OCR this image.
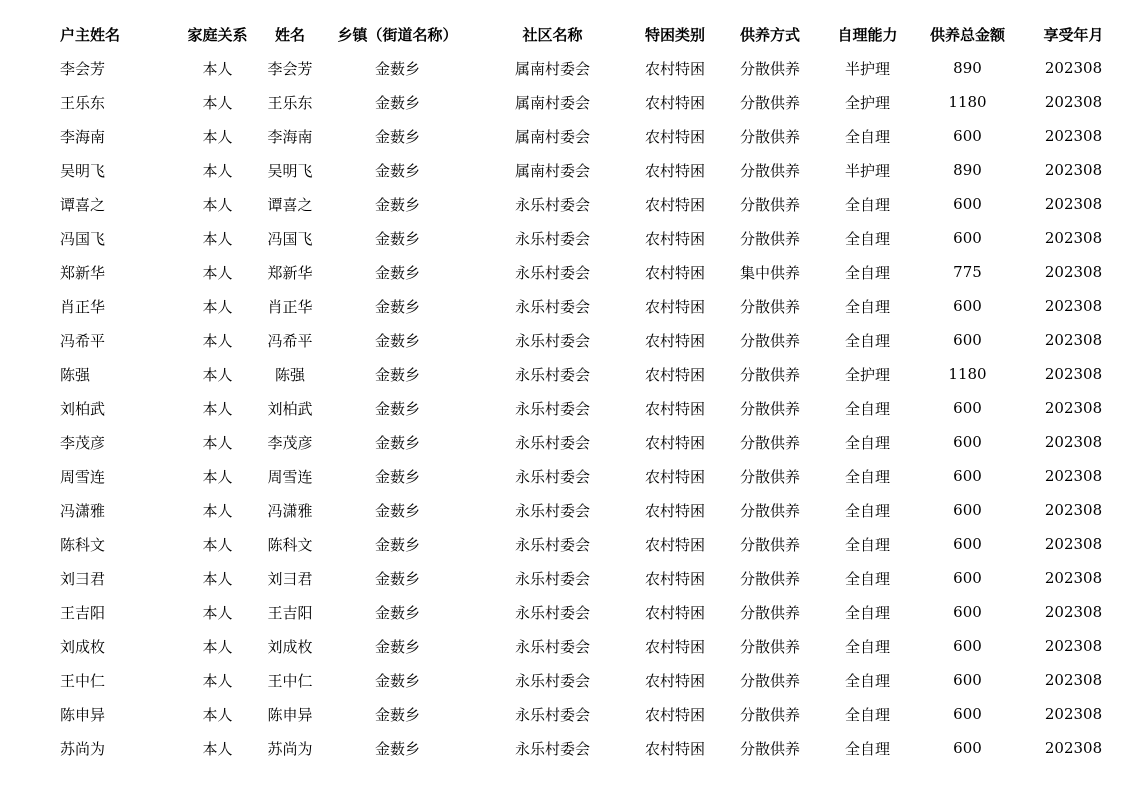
户主姓名	家庭关系	姓名	乡镇（街道名称）	社区名称	特困类别	供养方式	自理能力	供养总金额	享受年月
李会芳	本人	李会芳	金薮乡	属南村委会	农村特困	分散供养	半护理	890	202308
王乐东	本人	王乐东	金薮乡	属南村委会	农村特困	分散供养	全护理	1180	202308
李海南	本人	李海南	金薮乡	属南村委会	农村特困	分散供养	全自理	600	202308
吴明飞	本人	吴明飞	金薮乡	属南村委会	农村特困	分散供养	半护理	890	202308
谭喜之	本人	谭喜之	金薮乡	永乐村委会	农村特困	分散供养	全自理	600	202308
冯国飞	本人	冯国飞	金薮乡	永乐村委会	农村特困	分散供养	全自理	600	202308
郑新华	本人	郑新华	金薮乡	永乐村委会	农村特困	集中供养	全自理	775	202308
肖正华	本人	肖正华	金薮乡	永乐村委会	农村特困	分散供养	全自理	600	202308
冯希平	本人	冯希平	金薮乡	永乐村委会	农村特困	分散供养	全自理	600	202308
陈强	本人	陈强	金薮乡	永乐村委会	农村特困	分散供养	全护理	1180	202308
刘柏武	本人	刘柏武	金薮乡	永乐村委会	农村特困	分散供养	全自理	600	202308
李茂彦	本人	李茂彦	金薮乡	永乐村委会	农村特困	分散供养	全自理	600	202308
周雪连	本人	周雪连	金薮乡	永乐村委会	农村特困	分散供养	全自理	600	202308
冯潇雅	本人	冯潇雅	金薮乡	永乐村委会	农村特困	分散供养	全自理	600	202308
陈科文	本人	陈科文	金薮乡	永乐村委会	农村特困	分散供养	全自理	600	202308
刘彐君	本人	刘彐君	金薮乡	永乐村委会	农村特困	分散供养	全自理	600	202308
王吉阳	本人	王吉阳	金薮乡	永乐村委会	农村特困	分散供养	全自理	600	202308
刘成枚	本人	刘成枚	金薮乡	永乐村委会	农村特困	分散供养	全自理	600	202308
王中仁	本人	王中仁	金薮乡	永乐村委会	农村特困	分散供养	全自理	600	202308
陈申异	本人	陈申异	金薮乡	永乐村委会	农村特困	分散供养	全自理	600	202308
苏尚为	本人	苏尚为	金薮乡	永乐村委会	农村特困	分散供养	全自理	600	202308
